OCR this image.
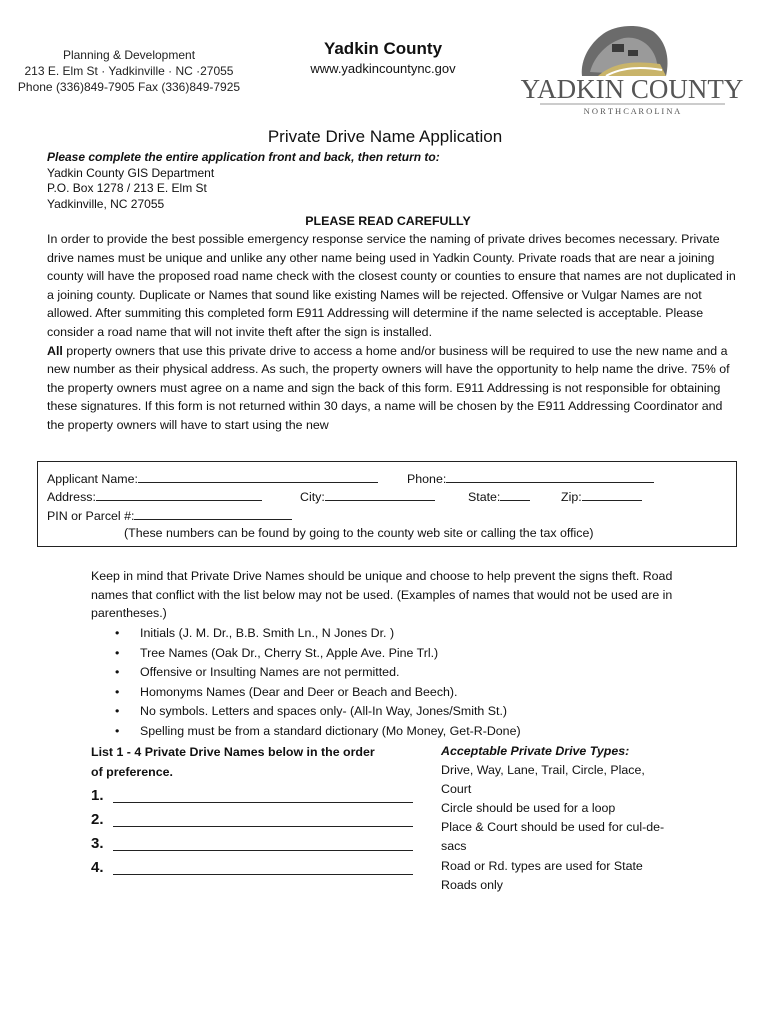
Planning & Development
213 E. Elm St · Yadkinville · NC ·27055
Phone (336)849-7905 Fax (336)849-7925
Yadkin County
www.yadkincountync.gov
YADKIN COUNTY
N O R T H C A R O L I N A
Private Drive Name Application
Please complete the entire application front and back, then return to:
Yadkin County GIS Department
P.O. Box 1278 / 213 E. Elm St
Yadkinville, NC 27055
PLEASE READ CAREFULLY

In order to provide the best possible emergency response service the naming of private drives becomes necessary. Private drive names must be unique and unlike any other name being used in Yadkin County. Private roads that are near a joining county will have the proposed road name check with the closest county or counties to ensure that names are not duplicated in a joining county. Duplicate or Names that sound like existing Names will be rejected. Offensive or Vulgar Names are not allowed. After summiting this completed form E911 Addressing will determine if the name selected is acceptable. Please consider a road name that will not invite theft after the sign is installed.

All property owners that use this private drive to access a home and/or business will be required to use the new name and a new number as their physical address. As such, the property owners will have the opportunity to help name the drive. 75% of the property owners must agree on a name and sign the back of this form. E911 Addressing is not responsible for obtaining these signatures. If this form is not returned within 30 days, a name will be chosen by the E911 Addressing Coordinator and the property owners will have to start using the new

Applicant Name:	Phone:
Address:	City:	State:	Zip:
PIN or Parcel #:
(These numbers can be found by going to the county web site or calling the tax office)
Keep in mind that Private Drive Names should be unique and choose to help prevent the signs theft. Road names that conflict with the list below may not be used. (Examples of names that would not be used are in parentheses.)
• Initials (J. M. Dr., B.B. Smith Ln., N Jones Dr. )
• Tree Names (Oak Dr., Cherry St., Apple Ave. Pine Trl.)
• Offensive or Insulting Names are not permitted.
• Homonyms Names (Dear and Deer or Beach and Beech).
• No symbols. Letters and spaces only- (All-In Way, Jones/Smith St.)
• Spelling must be from a standard dictionary (Mo Money, Get-R-Done)
List 1 - 4 Private Drive Names below in the order
of preference.
1.
2.
3.
4.
Acceptable Private Drive Types:
Drive, Way, Lane, Trail, Circle, Place,
Court
Circle should be used for a loop
Place & Court should be used for cul-de-
sacs
Road or Rd. types are used for State
Roads only
